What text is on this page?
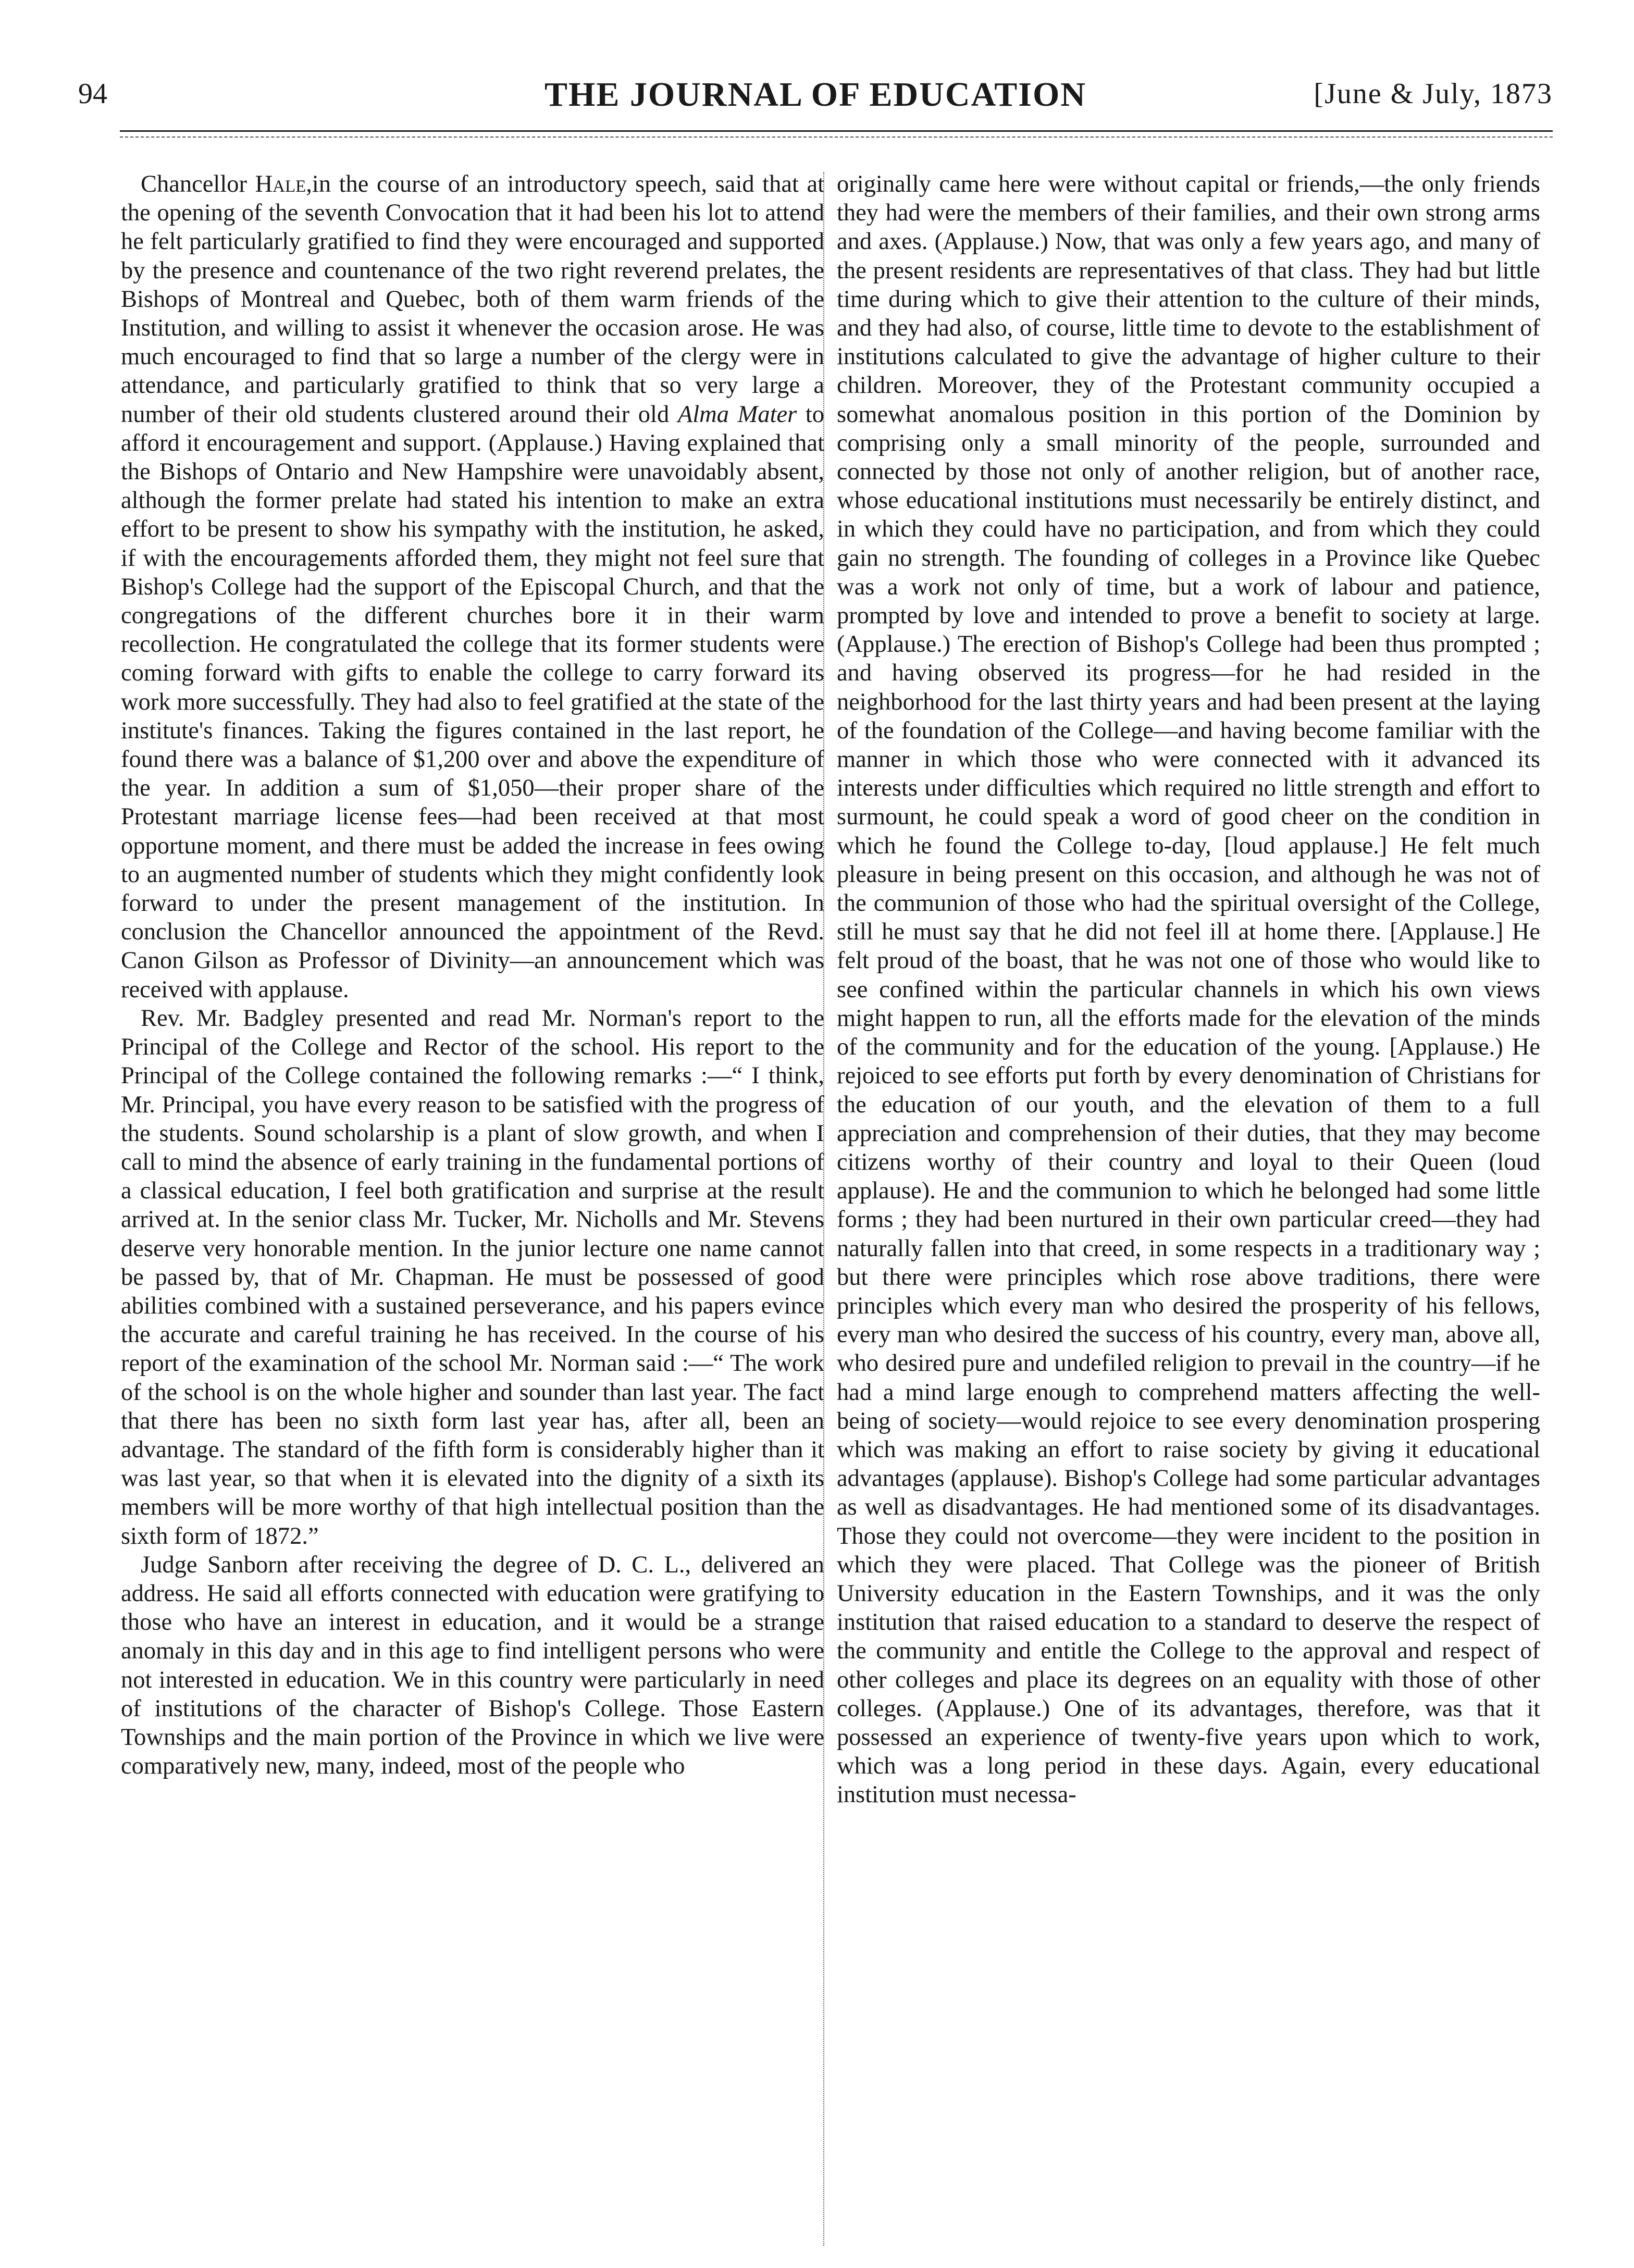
94	THE JOURNAL OF EDUCATION	[June & July, 1873

Chancellor Hale,in the course of an introductory speech, said that at the opening of the seventh Convocation that it had been his lot to attend he felt particularly gratified to find they were encouraged and supported by the presence and countenance of the two right reverend prelates, the Bishops of Montreal and Quebec, both of them warm friends of the Institution, and willing to assist it whenever the occasion arose. He was much encouraged to find that so large a number of the clergy were in attendance, and particularly gratified to think that so very large a number of their old students clustered around their old Alma Mater to afford it encouragement and support. (Applause.) Having explained that the Bishops of Ontario and New Hampshire were unavoidably absent, although the former prelate had stated his intention to make an extra effort to be present to show his sympathy with the institution, he asked, if with the encouragements afforded them, they might not feel sure that Bishop's College had the support of the Episcopal Church, and that the congregations of the different churches bore it in their warm recollection. He congratulated the college that its former students were coming forward with gifts to enable the college to carry forward its work more successfully. They had also to feel gratified at the state of the institute's finances. Taking the figures contained in the last report, he found there was a balance of $1,200 over and above the expenditure of the year. In addition a sum of $1,050—their proper share of the Protestant marriage license fees—had been received at that most opportune moment, and there must be added the increase in fees owing to an augmented number of students which they might confidently look forward to under the present management of the institution. In conclusion the Chancellor announced the appointment of the Revd. Canon Gilson as Professor of Divinity—an announcement which was received with applause.

Rev. Mr. Badgley presented and read Mr. Norman's report to the Principal of the College and Rector of the school. His report to the Principal of the College contained the following remarks :—“ I think, Mr. Principal, you have every reason to be satisfied with the progress of the students. Sound scholarship is a plant of slow growth, and when I call to mind the absence of early training in the fundamental portions of a classical education, I feel both gratification and surprise at the result arrived at. In the senior class Mr. Tucker, Mr. Nicholls and Mr. Stevens deserve very honorable mention. In the junior lecture one name cannot be passed by, that of Mr. Chapman. He must be possessed of good abilities combined with a sustained perseverance, and his papers evince the accurate and careful training he has received. In the course of his report of the examination of the school Mr. Norman said :—“ The work of the school is on the whole higher and sounder than last year. The fact that there has been no sixth form last year has, after all, been an advantage. The standard of the fifth form is considerably higher than it was last year, so that when it is elevated into the dignity of a sixth its members will be more worthy of that high intellectual position than the sixth form of 1872.”

Judge Sanborn after receiving the degree of D. C. L., delivered an address. He said all efforts connected with education were gratifying to those who have an interest in education, and it would be a strange anomaly in this day and in this age to find intelligent persons who were not interested in education. We in this country were particularly in need of institutions of the character of Bishop's College. Those Eastern Townships and the main portion of the Province in which we live were comparatively new, many, indeed, most of the people who

originally came here were without capital or friends,—the only friends they had were the members of their families, and their own strong arms and axes. (Applause.) Now, that was only a few years ago, and many of the present residents are representatives of that class. They had but little time during which to give their attention to the culture of their minds, and they had also, of course, little time to devote to the establishment of institutions calculated to give the advantage of higher culture to their children. Moreover, they of the Protestant community occupied a somewhat anomalous position in this portion of the Dominion by comprising only a small minority of the people, surrounded and connected by those not only of another religion, but of another race, whose educational institutions must necessarily be entirely distinct, and in which they could have no participation, and from which they could gain no strength. The founding of colleges in a Province like Quebec was a work not only of time, but a work of labour and patience, prompted by love and intended to prove a benefit to society at large. (Applause.) The erection of Bishop's College had been thus prompted ; and having observed its progress—for he had resided in the neighborhood for the last thirty years and had been present at the laying of the foundation of the College—and having become familiar with the manner in which those who were connected with it advanced its interests under difficulties which required no little strength and effort to surmount, he could speak a word of good cheer on the condition in which he found the College to-day, [loud applause.] He felt much pleasure in being present on this occasion, and although he was not of the communion of those who had the spiritual oversight of the College, still he must say that he did not feel ill at home there. [Applause.] He felt proud of the boast, that he was not one of those who would like to see confined within the particular channels in which his own views might happen to run, all the efforts made for the elevation of the minds of the community and for the education of the young. [Applause.) He rejoiced to see efforts put forth by every denomination of Christians for the education of our youth, and the elevation of them to a full appreciation and comprehension of their duties, that they may become citizens worthy of their country and loyal to their Queen (loud applause). He and the communion to which he belonged had some little forms ; they had been nurtured in their own particular creed—they had naturally fallen into that creed, in some respects in a traditionary way ; but there were principles which rose above traditions, there were principles which every man who desired the prosperity of his fellows, every man who desired the success of his country, every man, above all, who desired pure and undefiled religion to prevail in the country—if he had a mind large enough to comprehend matters affecting the well-being of society—would rejoice to see every denomination prospering which was making an effort to raise society by giving it educational advantages (applause). Bishop's College had some particular advantages as well as disadvantages. He had mentioned some of its disadvantages. Those they could not overcome—they were incident to the position in which they were placed. That College was the pioneer of British University education in the Eastern Townships, and it was the only institution that raised education to a standard to deserve the respect of the community and entitle the College to the approval and respect of other colleges and place its degrees on an equality with those of other colleges. (Applause.) One of its advantages, therefore, was that it possessed an experience of twenty-five years upon which to work, which was a long period in these days. Again, every educational institution must necessa-
